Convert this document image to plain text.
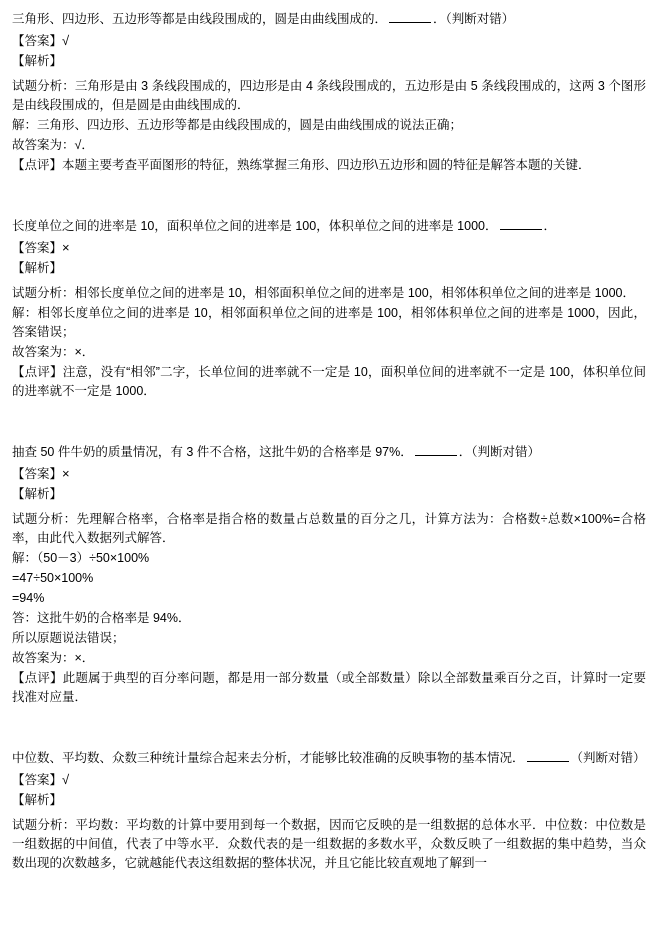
三角形、四边形、五边形等都是由线段围成的，圆是由曲线围成的．	．（判断对错）
【答案】√
【解析】
试题分析：三角形是由 3 条线段围成的，四边形是由 4 条线段围成的，五边形是由 5 条线段围成的，这两 3 个图形是由线段围成的，但是圆是由曲线围成的．
解：三角形、四边形、五边形等都是由线段围成的，圆是由曲线围成的说法正确；
故答案为：√．
【点评】本题主要考查平面图形的特征，熟练掌握三角形、四边形\五边形和圆的特征是解答本题的关键．
长度单位之间的进率是 10，面积单位之间的进率是 100，体积单位之间的进率是 1000．	．
【答案】×
【解析】
试题分析：相邻长度单位之间的进率是 10，相邻面积单位之间的进率是 100，相邻体积单位之间的进率是 1000．
解：相邻长度单位之间的进率是 10，相邻面积单位之间的进率是 100，相邻体积单位之间的进率是 1000，因此，答案错误；
故答案为：×．
【点评】注意，没有“相邻”二字，长单位间的进率就不一定是 10，面积单位间的进率就不一定是 100，体积单位间的进率就不一定是 1000．
抽查 50 件牛奶的质量情况，有 3 件不合格，这批牛奶的合格率是 97%．	．（判断对错）
【答案】×
【解析】
试题分析：先理解合格率，合格率是指合格的数量占总数量的百分之几，计算方法为：合格数÷总数×100%=合格率，由此代入数据列式解答．
解：（50－3）÷50×100%
=47÷50×100%
=94%
答：这批牛奶的合格率是 94%．
所以原题说法错误；
故答案为：×．
【点评】此题属于典型的百分率问题，都是用一部分数量（或全部数量）除以全部数量乘百分之百，计算时一定要找准对应量．
中位数、平均数、众数三种统计量综合起来去分析，才能够比较准确的反映事物的基本情况．	（判断对错）
【答案】√
【解析】
试题分析：平均数：平均数的计算中要用到每一个数据，因而它反映的是一组数据的总体水平．中位数：中位数是一组数据的中间值，代表了中等水平．众数代表的是一组数据的多数水平，众数反映了一组数据的集中趋势，当众数出现的次数越多，它就越能代表这组数据的整体状况，并且它能比较直观地了解到一
